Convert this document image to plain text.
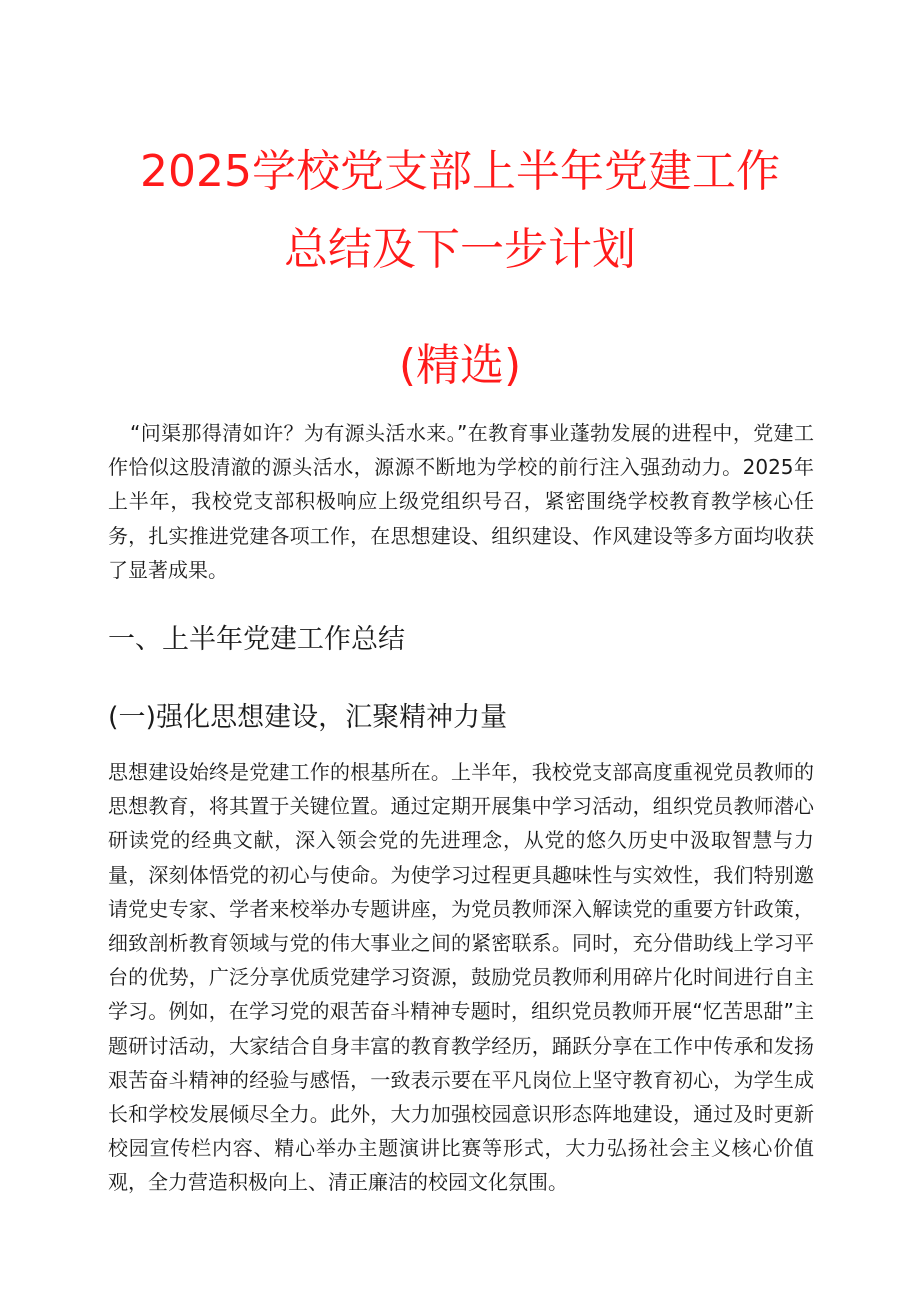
2025学校党支部上半年党建工作
总结及下一步计划
(精选)

“问渠那得清如许？为有源头活水来。”在教育事业蓬勃发展的进程中，党建工作恰似这股清澈的源头活水，源源不断地为学校的前行注入强劲动力。2025年上半年，我校党支部积极响应上级党组织号召，紧密围绕学校教育教学核心任务，扎实推进党建各项工作，在思想建设、组织建设、作风建设等多方面均收获了显著成果。

一、上半年党建工作总结
(一)强化思想建设，汇聚精神力量

思想建设始终是党建工作的根基所在。上半年，我校党支部高度重视党员教师的思想教育，将其置于关键位置。通过定期开展集中学习活动，组织党员教师潜心研读党的经典文献，深入领会党的先进理念，从党的悠久历史中汲取智慧与力量，深刻体悟党的初心与使命。为使学习过程更具趣味性与实效性，我们特别邀请党史专家、学者来校举办专题讲座，为党员教师深入解读党的重要方针政策，细致剖析教育领域与党的伟大事业之间的紧密联系。同时，充分借助线上学习平台的优势，广泛分享优质党建学习资源，鼓励党员教师利用碎片化时间进行自主学习。例如，在学习党的艰苦奋斗精神专题时，组织党员教师开展“忆苦思甜”主题研讨活动，大家结合自身丰富的教育教学经历，踊跃分享在工作中传承和发扬艰苦奋斗精神的经验与感悟，一致表示要在平凡岗位上坚守教育初心，为学生成长和学校发展倾尽全力。此外，大力加强校园意识形态阵地建设，通过及时更新校园宣传栏内容、精心举办主题演讲比赛等形式，大力弘扬社会主义核心价值观，全力营造积极向上、清正廉洁的校园文化氛围。
